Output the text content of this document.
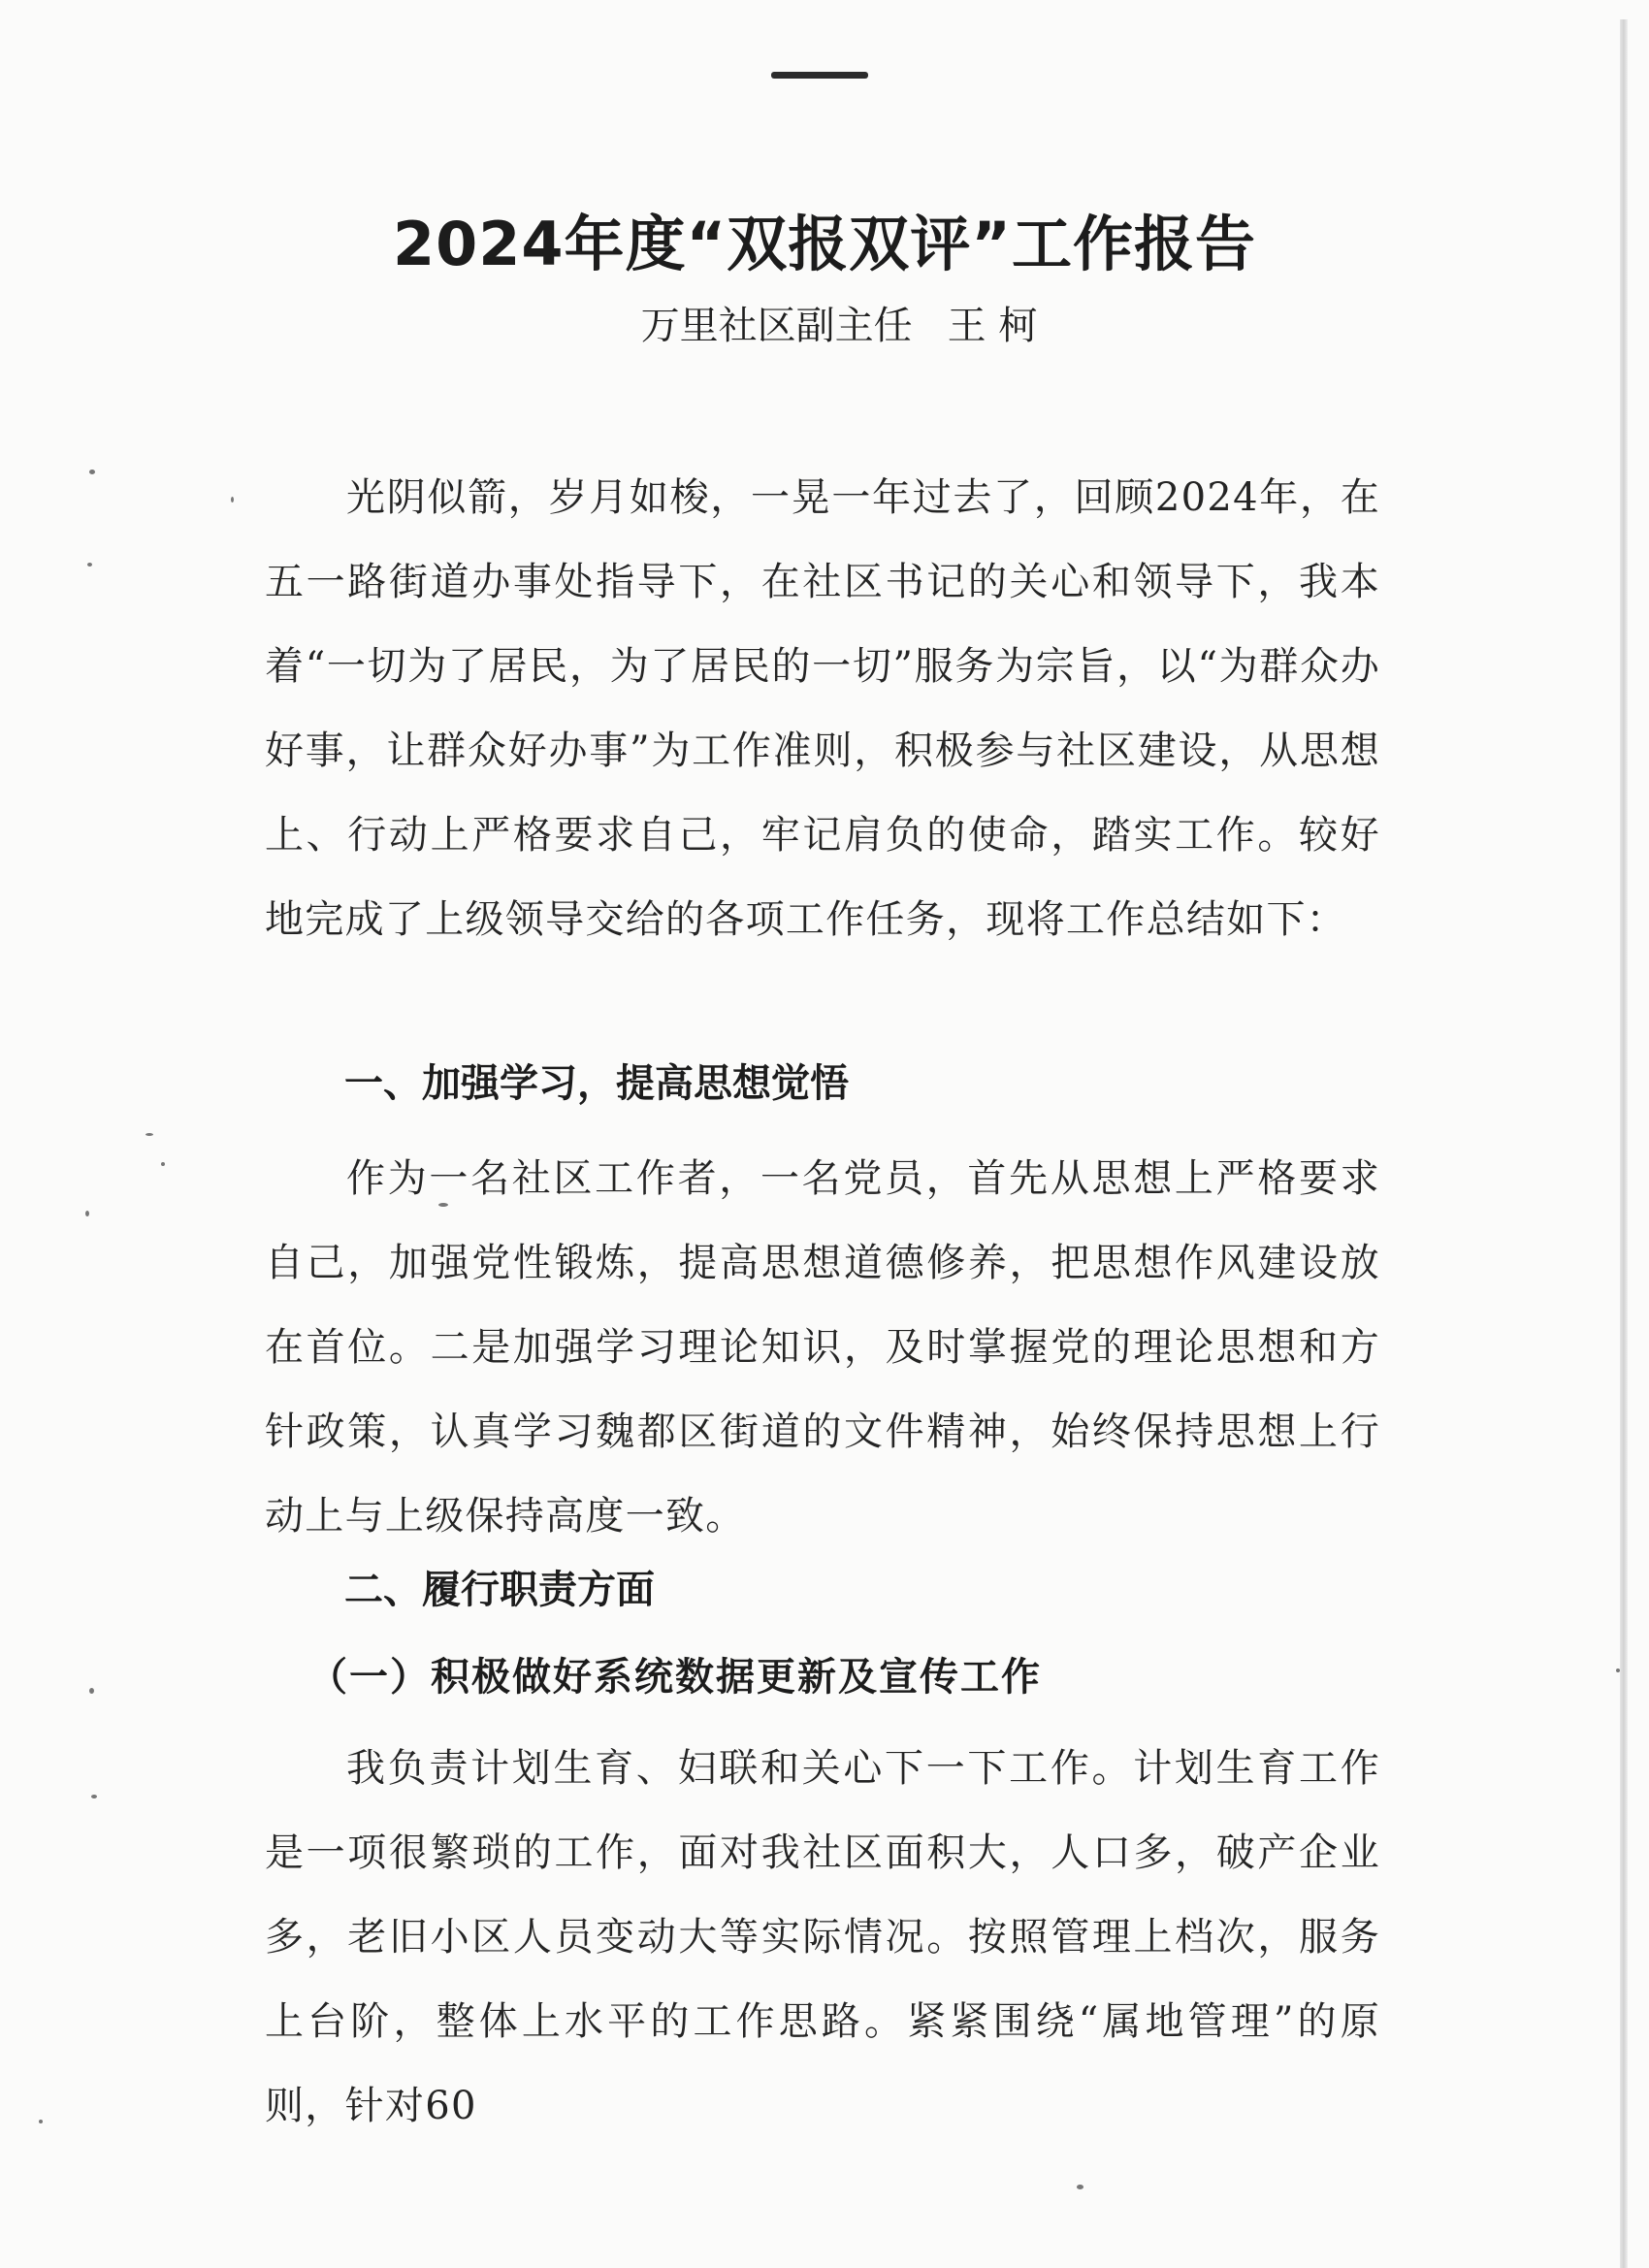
2024年度“双报双评”工作报告
万里社区副主任 王 柯
光阴似箭，岁月如梭，一晃一年过去了，回顾2024年，在五一路街道办事处指导下，在社区书记的关心和领导下，我本着“一切为了居民，为了居民的一切”服务为宗旨，以“为群众办好事，让群众好办事”为工作准则，积极参与社区建设，从思想上、行动上严格要求自己，牢记肩负的使命，踏实工作。较好地完成了上级领导交给的各项工作任务，现将工作总结如下：
一、加强学习，提高思想觉悟
作为一名社区工作者，一名党员，首先从思想上严格要求自己，加强党性锻炼，提高思想道德修养，把思想作风建设放在首位。二是加强学习理论知识，及时掌握党的理论思想和方针政策，认真学习魏都区街道的文件精神，始终保持思想上行动上与上级保持高度一致。
二、履行职责方面
（一）积极做好系统数据更新及宣传工作
我负责计划生育、妇联和关心下一下工作。计划生育工作是一项很繁琐的工作，面对我社区面积大，人口多，破产企业多，老旧小区人员变动大等实际情况。按照管理上档次，服务上台阶，整体上水平的工作思路。紧紧围绕“属地管理”的原则，针对60
